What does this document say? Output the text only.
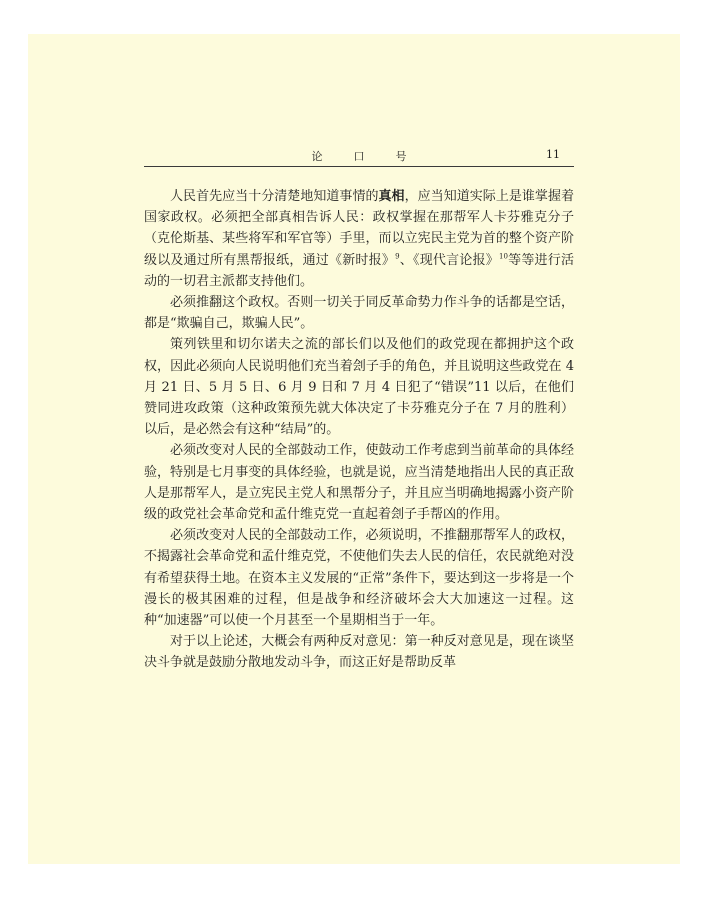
论　口　号	11

人民首先应当十分清楚地知道事情的真相，应当知道实际上是谁掌握着国家政权。必须把全部真相告诉人民：政权掌握在那帮军人卡芬雅克分子（克伦斯基、某些将军和军官等）手里，而以立宪民主党为首的整个资产阶级以及通过所有黑帮报纸，通过《新时报》$^9$、《现代言论报》$^{10}$等等进行活动的一切君主派都支持他们。

必须推翻这个政权。否则一切关于同反革命势力作斗争的话都是空话，都是“欺骗自己，欺骗人民”。

策列铁里和切尔诺夫之流的部长们以及他们的政党现在都拥护这个政权，因此必须向人民说明他们充当着刽子手的角色，并且说明这些政党在 4 月 21 日、5 月 5 日、6 月 9 日和 7 月 4 日犯了“错误”11 以后，在他们赞同进攻政策（这种政策预先就大体决定了卡芬雅克分子在 7 月的胜利）以后，是必然会有这种“结局”的。

必须改变对人民的全部鼓动工作，使鼓动工作考虑到当前革命的具体经验，特别是七月事变的具体经验，也就是说，应当清楚地指出人民的真正敌人是那帮军人，是立宪民主党人和黑帮分子，并且应当明确地揭露小资产阶级的政党社会革命党和孟什维克党一直起着刽子手帮凶的作用。

必须改变对人民的全部鼓动工作，必须说明，不推翻那帮军人的政权，不揭露社会革命党和孟什维克党，不使他们失去人民的信任，农民就绝对没有希望获得土地。在资本主义发展的“正常”条件下，要达到这一步将是一个漫长的极其困难的过程，但是战争和经济破坏会大大加速这一过程。这种“加速器”可以使一个月甚至一个星期相当于一年。

对于以上论述，大概会有两种反对意见：第一种反对意见是，现在谈坚决斗争就是鼓励分散地发动斗争，而这正好是帮助反革
